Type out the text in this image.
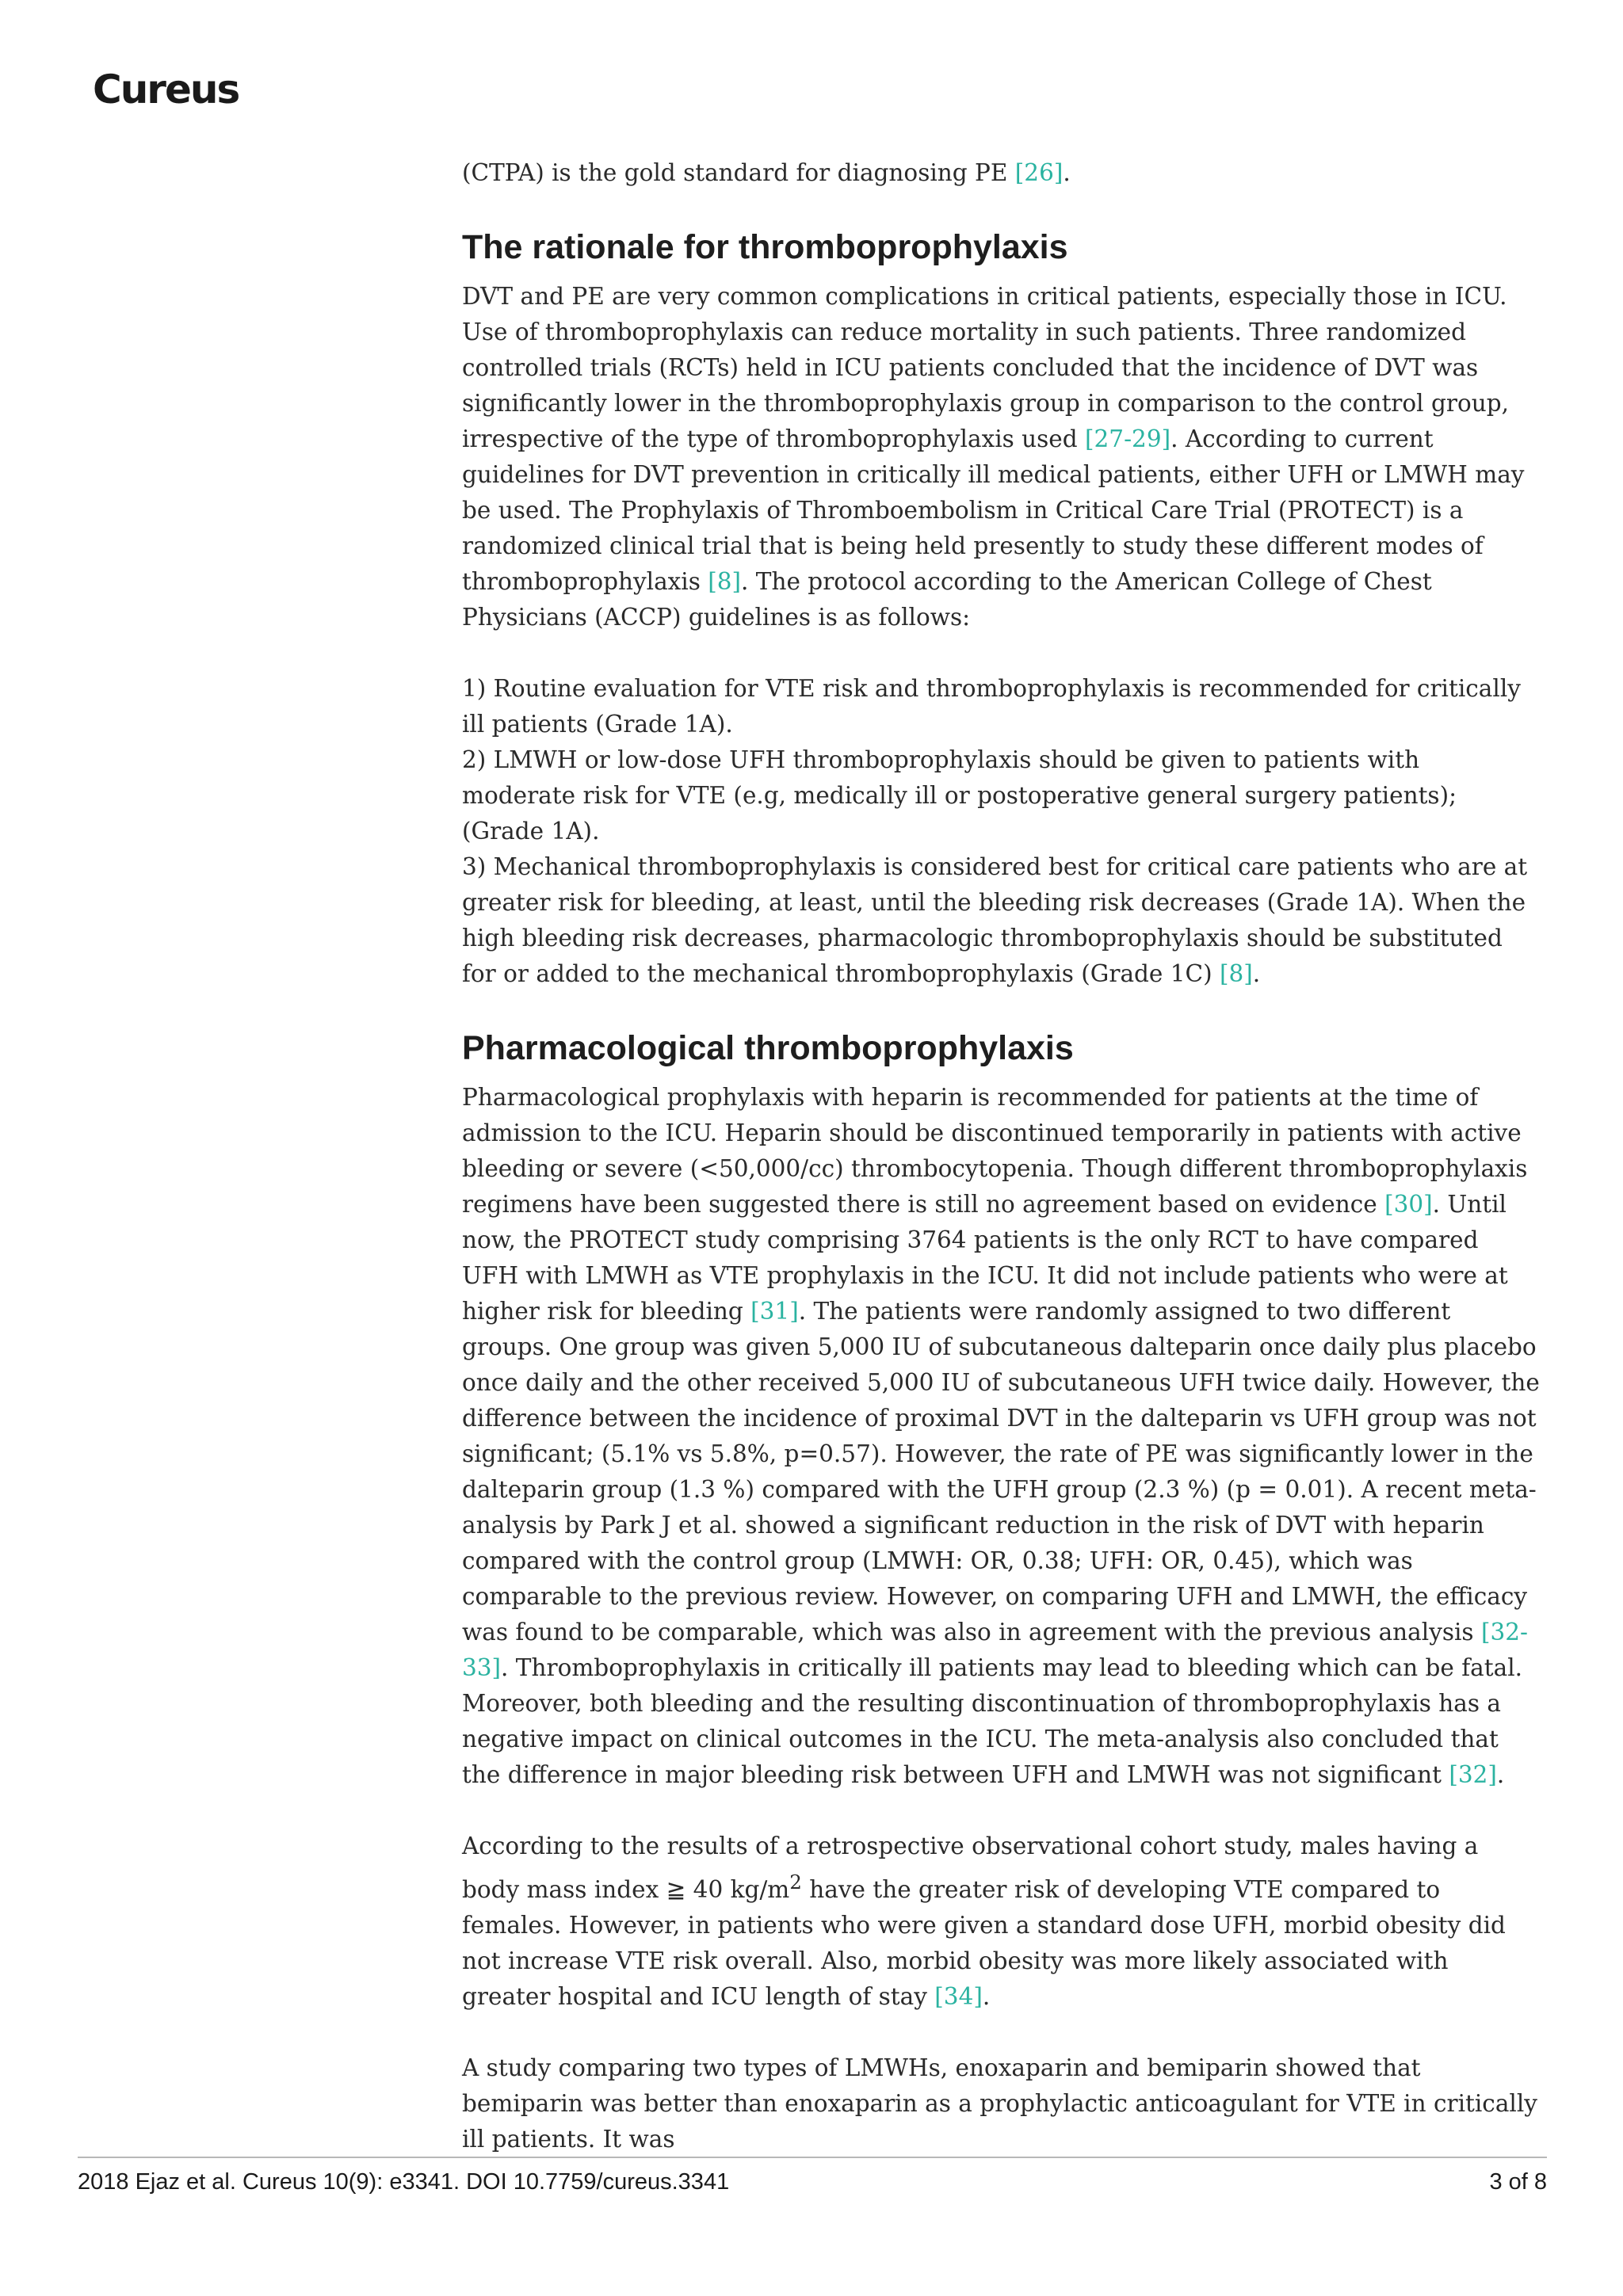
Cureus

(CTPA) is the gold standard for diagnosing PE [26].

The rationale for thromboprophylaxis

DVT and PE are very common complications in critical patients, especially those in ICU. Use of thromboprophylaxis can reduce mortality in such patients. Three randomized controlled trials (RCTs) held in ICU patients concluded that the incidence of DVT was significantly lower in the thromboprophylaxis group in comparison to the control group, irrespective of the type of thromboprophylaxis used [27-29]. According to current guidelines for DVT prevention in critically ill medical patients, either UFH or LMWH may be used. The Prophylaxis of Thromboembolism in Critical Care Trial (PROTECT) is a randomized clinical trial that is being held presently to study these different modes of thromboprophylaxis [8]. The protocol according to the American College of Chest Physicians (ACCP) guidelines is as follows:

1) Routine evaluation for VTE risk and thromboprophylaxis is recommended for critically ill patients (Grade 1A).

2) LMWH or low-dose UFH thromboprophylaxis should be given to patients with moderate risk for VTE (e.g, medically ill or postoperative general surgery patients); (Grade 1A).

3) Mechanical thromboprophylaxis is considered best for critical care patients who are at greater risk for bleeding, at least, until the bleeding risk decreases (Grade 1A). When the high bleeding risk decreases, pharmacologic thromboprophylaxis should be substituted for or added to the mechanical thromboprophylaxis (Grade 1C) [8].

Pharmacological thromboprophylaxis

Pharmacological prophylaxis with heparin is recommended for patients at the time of admission to the ICU. Heparin should be discontinued temporarily in patients with active bleeding or severe (<50,000/cc) thrombocytopenia. Though different thromboprophylaxis regimens have been suggested there is still no agreement based on evidence [30]. Until now, the PROTECT study comprising 3764 patients is the only RCT to have compared UFH with LMWH as VTE prophylaxis in the ICU. It did not include patients who were at higher risk for bleeding [31]. The patients were randomly assigned to two different groups. One group was given 5,000 IU of subcutaneous dalteparin once daily plus placebo once daily and the other received 5,000 IU of subcutaneous UFH twice daily. However, the difference between the incidence of proximal DVT in the dalteparin vs UFH group was not significant; (5.1% vs 5.8%, p=0.57). However, the rate of PE was significantly lower in the dalteparin group (1.3 %) compared with the UFH group (2.3 %) (p = 0.01). A recent meta-analysis by Park J et al. showed a significant reduction in the risk of DVT with heparin compared with the control group (LMWH: OR, 0.38; UFH: OR, 0.45), which was comparable to the previous review. However, on comparing UFH and LMWH, the efficacy was found to be comparable, which was also in agreement with the previous analysis [32-33]. Thromboprophylaxis in critically ill patients may lead to bleeding which can be fatal. Moreover, both bleeding and the resulting discontinuation of thromboprophylaxis has a negative impact on clinical outcomes in the ICU. The meta-analysis also concluded that the difference in major bleeding risk between UFH and LMWH was not significant [32].

According to the results of a retrospective observational cohort study, males having a body mass index ≧ 40 $kg/m^2$ have the greater risk of developing VTE compared to females. However, in patients who were given a standard dose UFH, morbid obesity did not increase VTE risk overall. Also, morbid obesity was more likely associated with greater hospital and ICU length of stay [34].

A study comparing two types of LMWHs, enoxaparin and bemiparin showed that bemiparin was better than enoxaparin as a prophylactic anticoagulant for VTE in critically ill patients. It was

2018 Ejaz et al. Cureus 10(9): e3341. DOI 10.7759/cureus.3341	3 of 8
